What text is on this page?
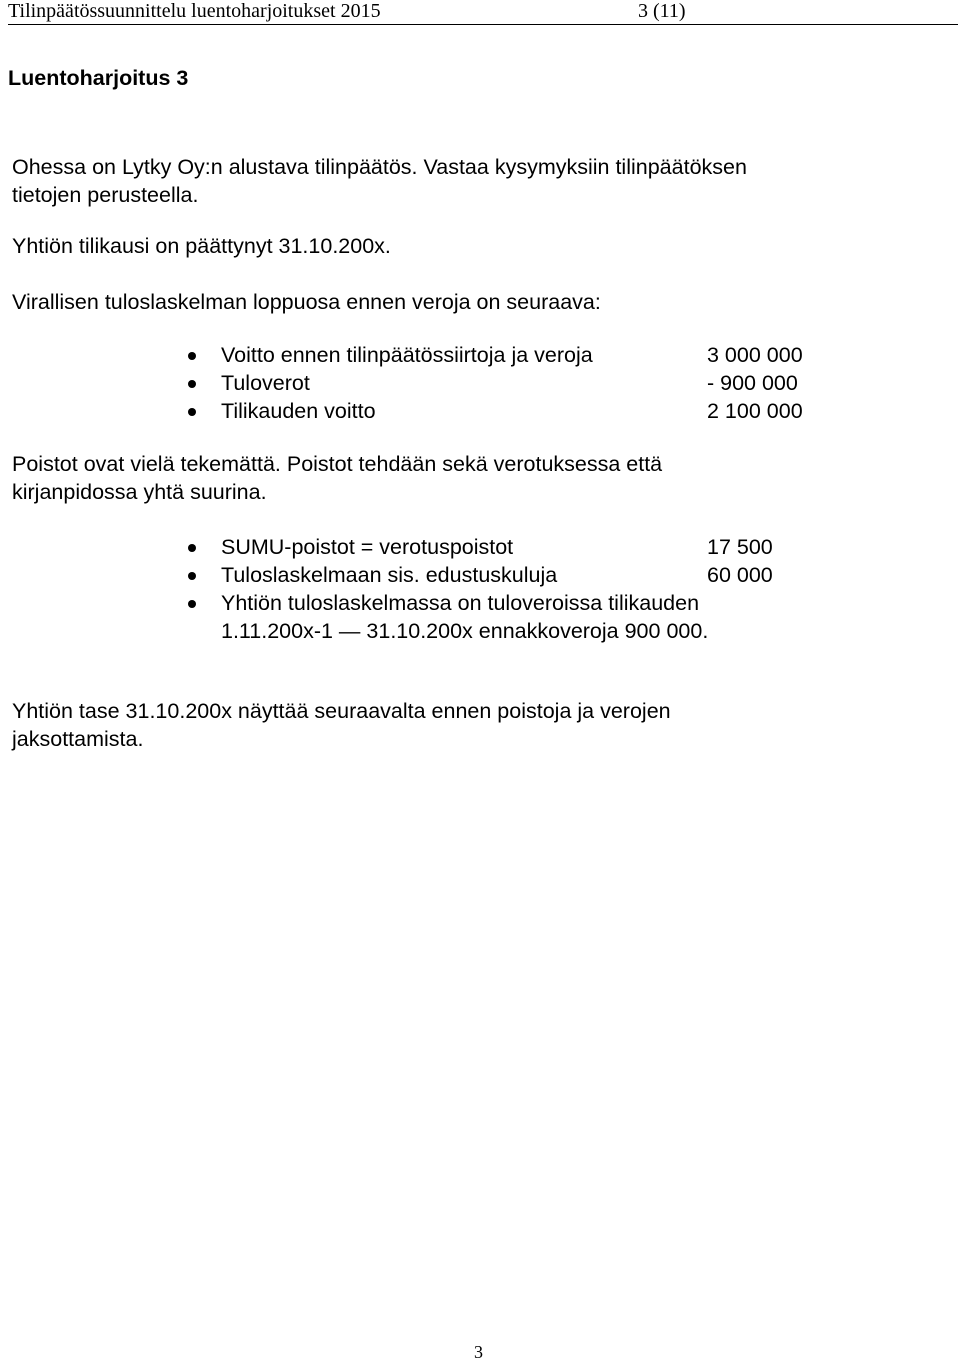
Tilinpäätössuunnittelu luentoharjoitukset 2015	3 (11)
Luentoharjoitus 3
Ohessa on Lytky Oy:n alustava tilinpäätös. Vastaa kysymyksiin tilinpäätöksen
tietojen perusteella.
Yhtiön tilikausi on päättynyt 31.10.200x.
Virallisen tuloslaskelman loppuosa ennen veroja on seuraava:
Voitto ennen tilinpäätössiirtoja ja veroja	3 000 000
Tuloverot	- 900 000
Tilikauden voitto	2 100 000
Poistot ovat vielä tekemättä. Poistot tehdään sekä verotuksessa että
kirjanpidossa yhtä suurina.
SUMU-poistot = verotuspoistot	17 500
Tuloslaskelmaan sis. edustuskuluja	60 000
Yhtiön tuloslaskelmassa on tuloveroissa tilikauden
1.11.200x-1 — 31.10.200x ennakkoveroja 900 000.
Yhtiön tase 31.10.200x näyttää seuraavalta ennen poistoja ja verojen
jaksottamista.
3
